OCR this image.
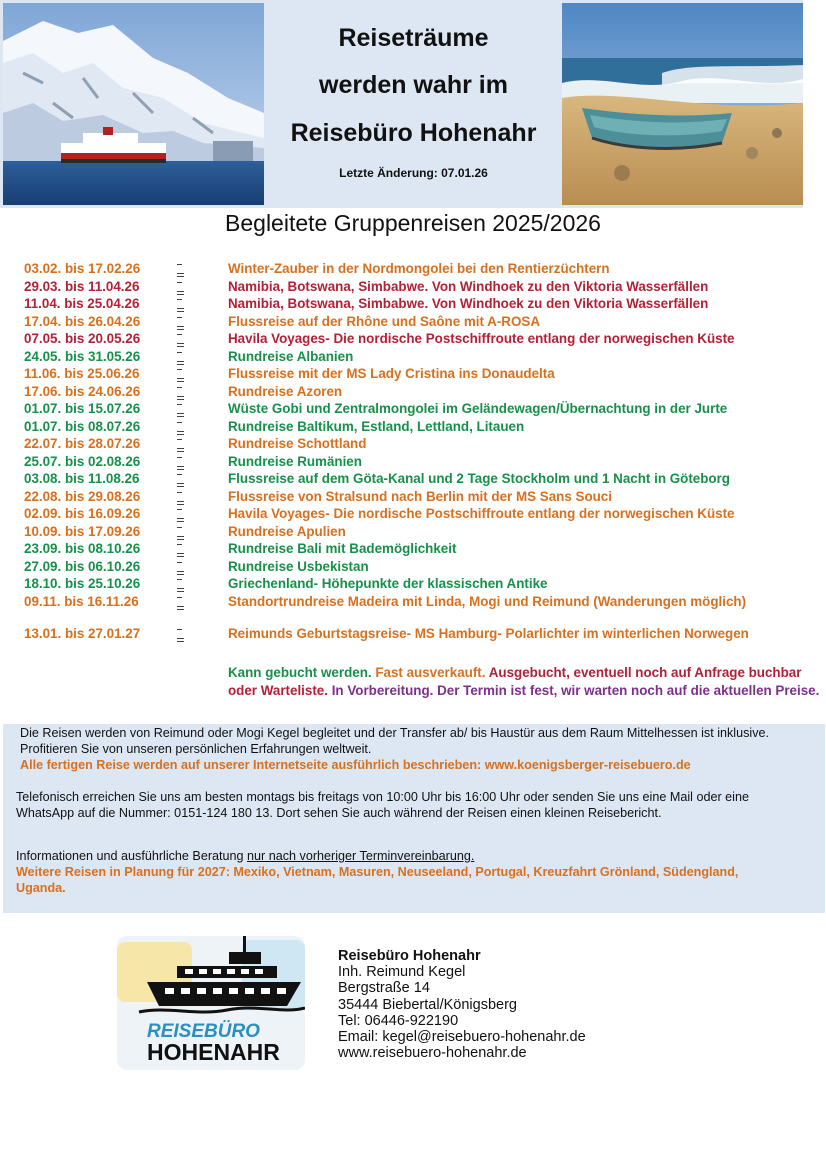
Reiseträume
werden wahr im
Reisebüro Hohenahr
Letzte Änderung: 07.01.26
Begleitete Gruppenreisen 2025/2026
03.02. bis 17.02.26	Winter-Zauber in der Nordmongolei bei den Rentierzüchtern
29.03. bis 11.04.26	Namibia, Botswana, Simbabwe. Von Windhoek zu den Viktoria Wasserfällen
11.04. bis 25.04.26	Namibia, Botswana, Simbabwe. Von Windhoek zu den Viktoria Wasserfällen
17.04. bis 26.04.26	Flussreise auf der Rhône und Saône mit A-ROSA
07.05. bis 20.05.26	Havila Voyages- Die nordische Postschiffroute entlang der norwegischen Küste
24.05. bis 31.05.26	Rundreise Albanien
11.06. bis 25.06.26	Flussreise mit der MS Lady Cristina ins Donaudelta
17.06. bis 24.06.26	Rundreise Azoren
01.07. bis 15.07.26	Wüste Gobi und Zentralmongolei im Geländewagen/Übernachtung in der Jurte
01.07. bis 08.07.26	Rundreise Baltikum, Estland, Lettland, Litauen
22.07. bis 28.07.26	Rundreise Schottland
25.07. bis 02.08.26	Rundreise Rumänien
03.08. bis 11.08.26	Flussreise auf dem Göta-Kanal und 2 Tage Stockholm und 1 Nacht in Göteborg
22.08. bis 29.08.26	Flussreise von Stralsund nach Berlin mit der MS Sans Souci
02.09. bis 16.09.26	Havila Voyages- Die nordische Postschiffroute entlang der norwegischen Küste
10.09. bis 17.09.26	Rundreise Apulien
23.09. bis 08.10.26	Rundreise Bali mit Bademöglichkeit
27.09. bis 06.10.26	Rundreise Usbekistan
18.10. bis 25.10.26	Griechenland- Höhepunkte der klassischen Antike
09.11. bis 16.11.26	Standortrundreise Madeira mit Linda, Mogi und Reimund (Wanderungen möglich)
13.01. bis 27.01.27	Reimunds Geburtstagsreise- MS Hamburg- Polarlichter im winterlichen Norwegen
Kann gebucht werden. Fast ausverkauft. Ausgebucht, eventuell noch auf Anfrage buchbar oder Warteliste. In Vorbereitung. Der Termin ist fest, wir warten noch auf die aktuellen Preise.

Die Reisen werden von Reimund oder Mogi Kegel begleitet und der Transfer ab/ bis Haustür aus dem Raum Mittelhessen ist inklusive. Profitieren Sie von unseren persönlichen Erfahrungen weltweit.

Alle fertigen Reise werden auf unserer Internetseite ausführlich beschrieben: www.koenigsberger-reisebuero.de

Telefonisch erreichen Sie uns am besten montags bis freitags von 10:00 Uhr bis 16:00 Uhr oder senden Sie uns eine Mail oder eine WhatsApp auf die Nummer: 0151-124 180 13. Dort sehen Sie auch während der Reisen einen kleinen Reisebericht.

Informationen und ausführliche Beratung nur nach vorheriger Terminvereinbarung.

Weitere Reisen in Planung für 2027: Mexiko, Vietnam, Masuren, Neuseeland, Portugal, Kreuzfahrt Grönland, Südengland, Uganda.

REISEBÜRO
HOHENAHR
Reisebüro Hohenahr
Inh. Reimund Kegel
Bergstraße 14
35444 Biebertal/Königsberg
Tel: 06446-922190
Email: kegel@reisebuero-hohenahr.de
www.reisebuero-hohenahr.de
